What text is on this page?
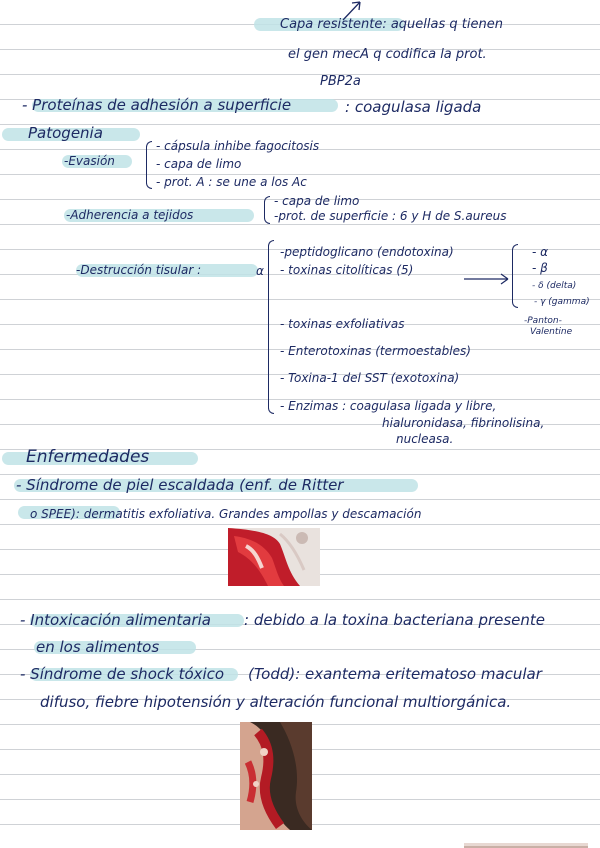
Capa resistente: aquellas q tienen
el gen mecA q codifica la prot.
PBP2a
- Proteínas de adhesión a superficie	: coagulasa ligada
Patogenia
-Evasión
- cápsula inhibe fagocitosis
- capa de limo
- prot. A : se une a los Ac
-Adherencia a tejidos
- capa de limo
-prot. de superficie : 6 y H de S.aureus
-Destrucción tisular :	α
-peptidoglicano (endotoxina)
- toxinas citolíticas (5)
- toxinas exfoliativas
- Enterotoxinas (termoestables)
- Toxina-1 del SST (exotoxina)
- Enzimas : coagulasa ligada y libre,
hialuronidasa, fibrinolisina,
nucleasa.
- α
- β
- δ (delta)
- γ (gamma)
-Panton-
Valentine
Enfermedades
- Síndrome de piel escaldada (enf. de Ritter
o SPEE): dermatitis exfoliativa. Grandes ampollas y descamación
- Intoxicación alimentaria : debido a la toxina bacteriana presente
en los alimentos
- Síndrome de shock tóxico (Todd): exantema eritematoso macular
difuso, fiebre hipotensión y alteración funcional multiorgánica.
